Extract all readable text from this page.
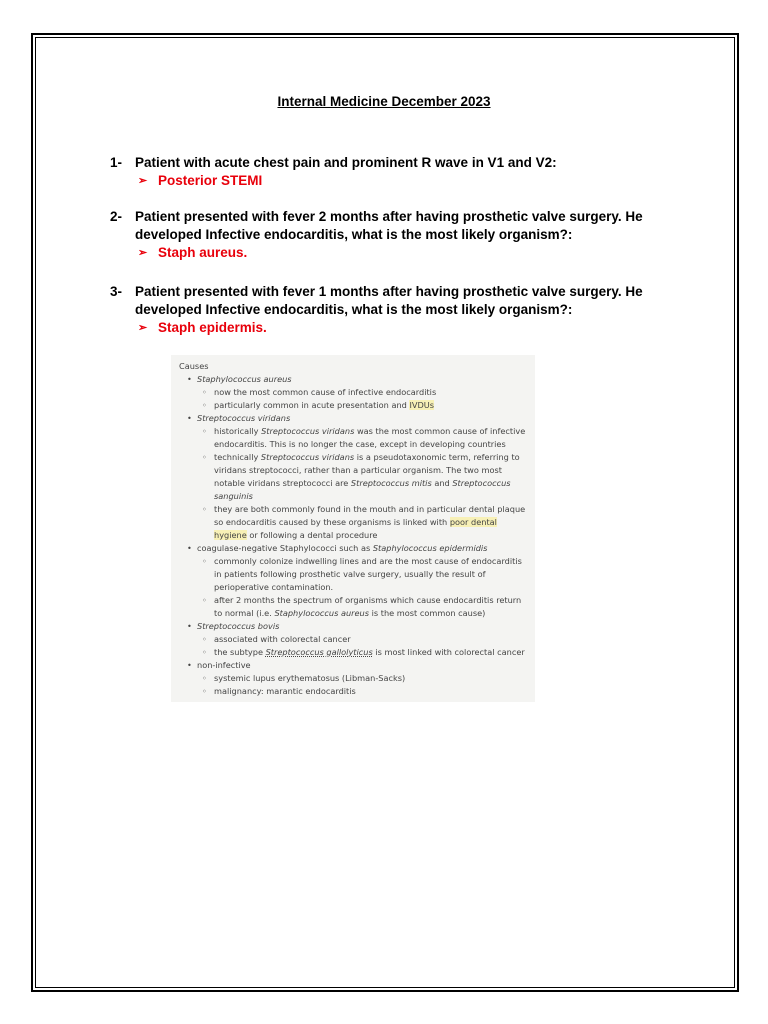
Internal Medicine December 2023
1- Patient with acute chest pain and prominent R wave in V1 and V2:
➢ Posterior STEMI
2- Patient presented with fever 2 months after having prosthetic valve surgery. He developed Infective endocarditis, what is the most likely organism?:
➢ Staph aureus.
3- Patient presented with fever 1 months after having prosthetic valve surgery. He developed Infective endocarditis, what is the most likely organism?:
➢ Staph epidermis.
Causes
• Staphylococcus aureus
◦ now the most common cause of infective endocarditis
◦ particularly common in acute presentation and IVDUs
• Streptococcus viridans
◦ historically Streptococcus viridans was the most common cause of infective endocarditis. This is no longer the case, except in developing countries
◦ technically Streptococcus viridans is a pseudotaxonomic term, referring to viridans streptococci, rather than a particular organism. The two most notable viridans streptococci are Streptococcus mitis and Streptococcus sanguinis
◦ they are both commonly found in the mouth and in particular dental plaque so endocarditis caused by these organisms is linked with poor dental hygiene or following a dental procedure
• coagulase-negative Staphylococci such as Staphylococcus epidermidis
◦ commonly colonize indwelling lines and are the most cause of endocarditis in patients following prosthetic valve surgery, usually the result of perioperative contamination.
◦ after 2 months the spectrum of organisms which cause endocarditis return to normal (i.e. Staphylococcus aureus is the most common cause)
• Streptococcus bovis
◦ associated with colorectal cancer
◦ the subtype Streptococcus gallolyticus is most linked with colorectal cancer
• non-infective
◦ systemic lupus erythematosus (Libman-Sacks)
◦ malignancy: marantic endocarditis
